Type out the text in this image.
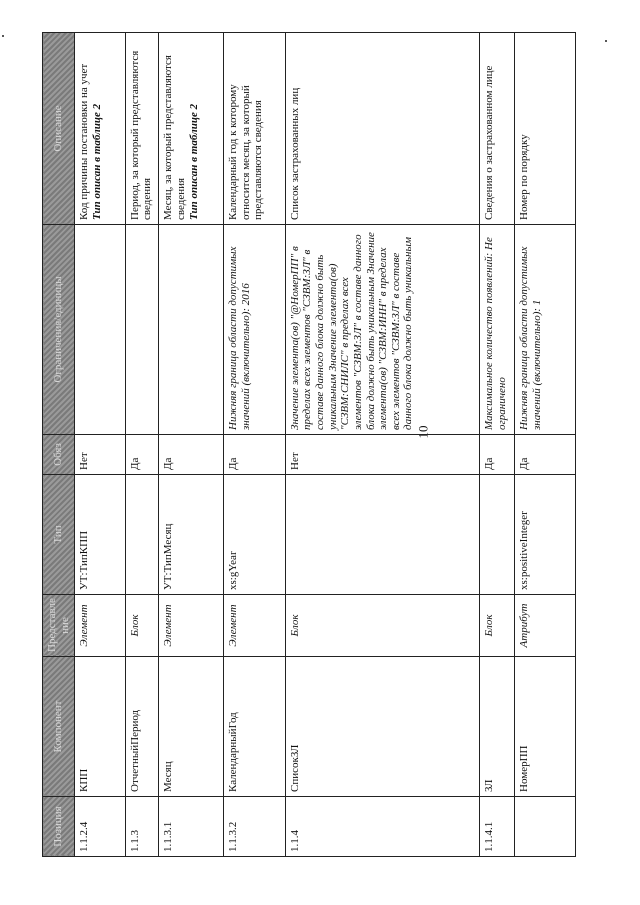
10
Позиция	Компонент	Представле ние	Тип	Обяз	Ограничения/единицы	Описание
1.1.2.4	КПП	Элемент	УТ:ТипКПП	Нет		Код причины постановки на учет
Тип описан в таблице 2
1.1.3	ОтчетныйПериод	Блок		Да		Период, за который представляются сведения
1.1.3.1	Месяц	Элемент	УТ:ТипМесяц	Да		Месяц, за который представляются сведения
Тип описан в таблице 2
1.1.3.2	КалендарныйГод	Элемент	xs:gYear	Да	Нижняя граница области допустимых значений (включительно): 2016	Календарный год к которому относится месяц, за который представляются сведения
1.1.4	СписокЗЛ	Блок		Нет	Значение элемента(ов) "@НомерПП" в пределах всех элементов "СЗВМ:ЗЛ" в составе данного блока должно быть уникальным Значение элемента(ов) "СЗВМ:СНИЛС" в пределах всех элементов "СЗВМ:ЗЛ" в составе данного блока должно быть уникальным Значение элемента(ов) "СЗВМ:ИНН" в пределах всех элементов "СЗВМ:ЗЛ" в составе данного блока должно быть уникальным	Список застрахованных лиц
1.1.4.1	ЗЛ	Блок		Да	Максимальное количество появлений: Не ограничено	Сведения о застрахованном лице
	НомерПП	Атрибут	xs:positiveInteger	Да	Нижняя граница области допустимых значений (включительно): 1	Номер по порядку
